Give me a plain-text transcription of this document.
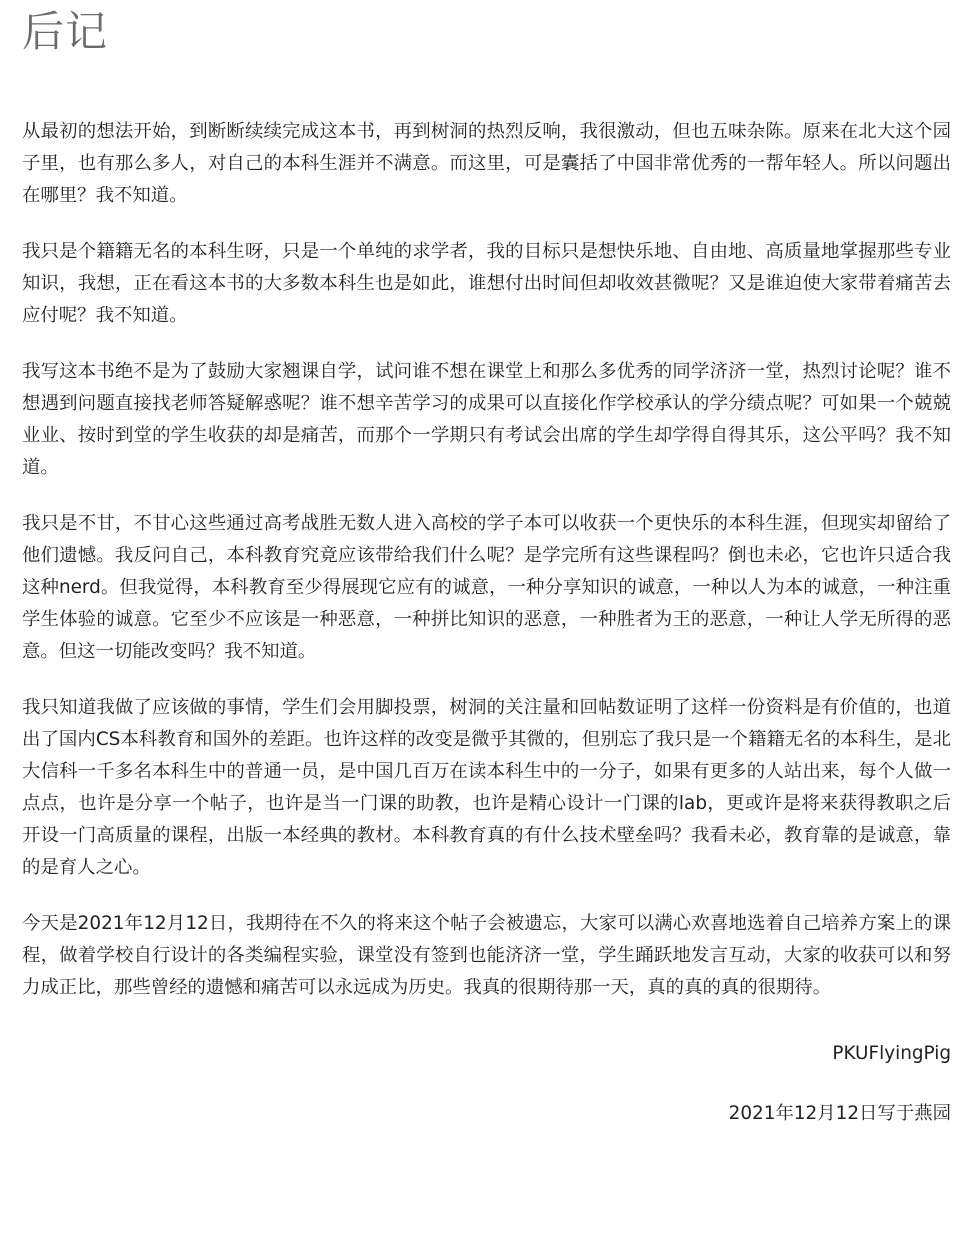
后记

从最初的想法开始，到断断续续完成这本书，再到树洞的热烈反响，我很激动，但也五味杂陈。原来在北大这个园子里，也有那么多人，对自己的本科生涯并不满意。而这里，可是囊括了中国非常优秀的一帮年轻人。所以问题出在哪里？我不知道。

我只是个籍籍无名的本科生呀，只是一个单纯的求学者，我的目标只是想快乐地、自由地、高质量地掌握那些专业知识，我想，正在看这本书的大多数本科生也是如此，谁想付出时间但却收效甚微呢？又是谁迫使大家带着痛苦去应付呢？我不知道。

我写这本书绝不是为了鼓励大家翘课自学，试问谁不想在课堂上和那么多优秀的同学济济一堂，热烈讨论呢？谁不想遇到问题直接找老师答疑解惑呢？谁不想辛苦学习的成果可以直接化作学校承认的学分绩点呢？可如果一个兢兢业业、按时到堂的学生收获的却是痛苦，而那个一学期只有考试会出席的学生却学得自得其乐，这公平吗？我不知道。

我只是不甘，不甘心这些通过高考战胜无数人进入高校的学子本可以收获一个更快乐的本科生涯，但现实却留给了他们遗憾。我反问自己，本科教育究竟应该带给我们什么呢？是学完所有这些课程吗？倒也未必，它也许只适合我这种nerd。但我觉得，本科教育至少得展现它应有的诚意，一种分享知识的诚意，一种以人为本的诚意，一种注重学生体验的诚意。它至少不应该是一种恶意，一种拼比知识的恶意，一种胜者为王的恶意，一种让人学无所得的恶意。但这一切能改变吗？我不知道。

我只知道我做了应该做的事情，学生们会用脚投票，树洞的关注量和回帖数证明了这样一份资料是有价值的，也道出了国内CS本科教育和国外的差距。也许这样的改变是微乎其微的，但别忘了我只是一个籍籍无名的本科生，是北大信科一千多名本科生中的普通一员，是中国几百万在读本科生中的一分子，如果有更多的人站出来，每个人做一点点，也许是分享一个帖子，也许是当一门课的助教，也许是精心设计一门课的lab，更或许是将来获得教职之后开设一门高质量的课程，出版一本经典的教材。本科教育真的有什么技术壁垒吗？我看未必，教育靠的是诚意，靠的是育人之心。

今天是2021年12月12日，我期待在不久的将来这个帖子会被遗忘，大家可以满心欢喜地选着自己培养方案上的课程，做着学校自行设计的各类编程实验，课堂没有签到也能济济一堂，学生踊跃地发言互动，大家的收获可以和努力成正比，那些曾经的遗憾和痛苦可以永远成为历史。我真的很期待那一天，真的真的真的很期待。

PKUFlyingPig

2021年12月12日写于燕园
